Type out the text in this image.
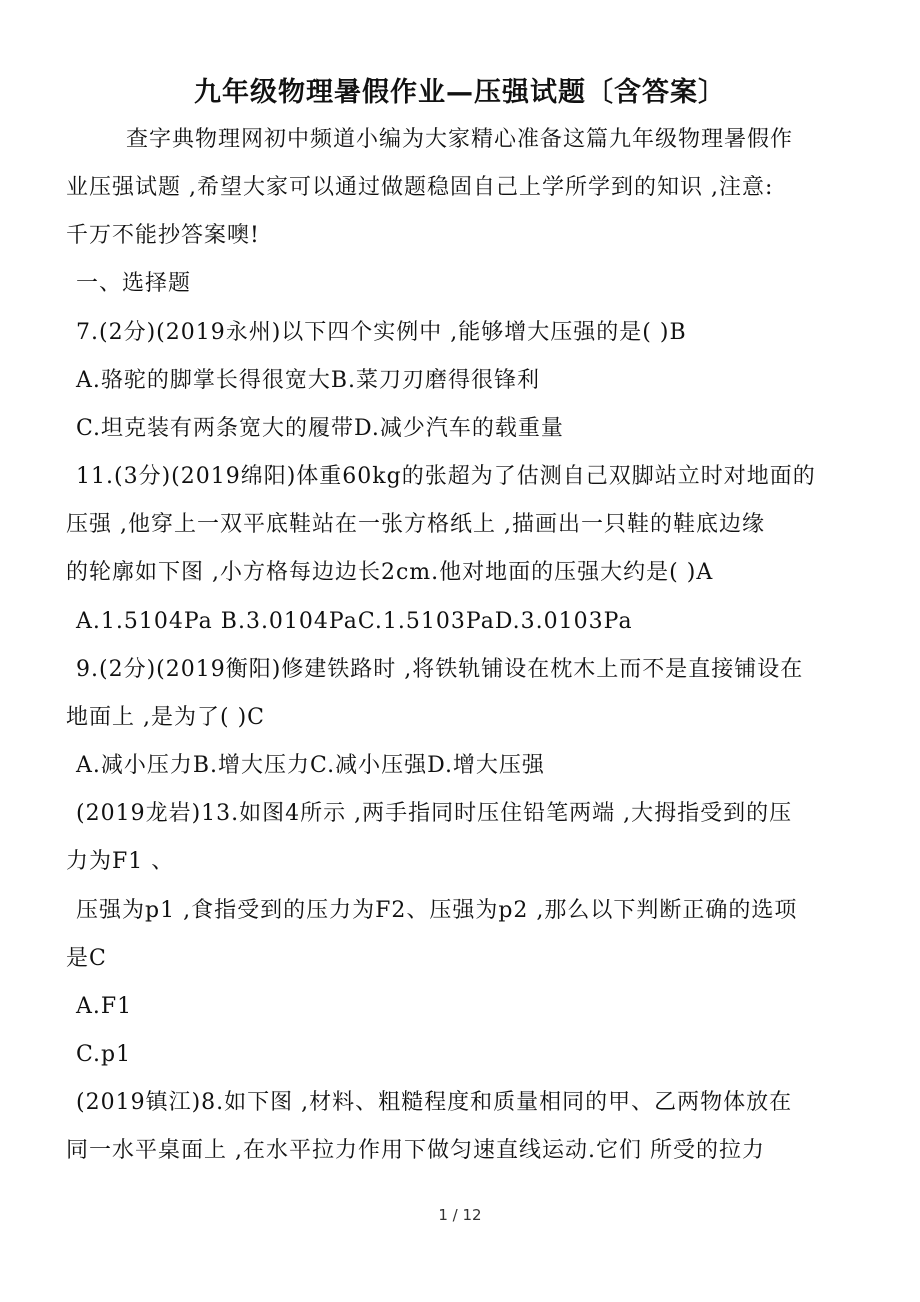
九年级物理暑假作业—压强试题〔含答案〕
查字典物理网初中频道小编为大家精心准备这篇九年级物理暑假作
业压强试题 ,希望大家可以通过做题稳固自己上学所学到的知识 ,注意:
千万不能抄答案噢!
一、选择题
7.(2分)(2019永州)以下四个实例中 ,能够增大压强的是( )B
A.骆驼的脚掌长得很宽大B.菜刀刃磨得很锋利
C.坦克装有两条宽大的履带D.减少汽车的载重量
11.(3分)(2019绵阳)体重60kg的张超为了估测自己双脚站立时对地面的
压强 ,他穿上一双平底鞋站在一张方格纸上 ,描画出一只鞋的鞋底边缘
的轮廓如下图 ,小方格每边边长2cm.他对地面的压强大约是( )A
A.1.5104Pa B.3.0104PaC.1.5103PaD.3.0103Pa
9.(2分)(2019衡阳)修建铁路时 ,将铁轨铺设在枕木上而不是直接铺设在
地面上 ,是为了( )C
A.减小压力B.增大压力C.减小压强D.增大压强
(2019龙岩)13.如图4所示 ,两手指同时压住铅笔两端 ,大拇指受到的压
力为F1 、
压强为p1 ,食指受到的压力为F2、压强为p2 ,那么以下判断正确的选项
是C
A.F1
C.p1
(2019镇江)8.如下图 ,材料、粗糙程度和质量相同的甲、乙两物体放在
同一水平桌面上 ,在水平拉力作用下做匀速直线运动.它们 所受的拉力
1 / 12
